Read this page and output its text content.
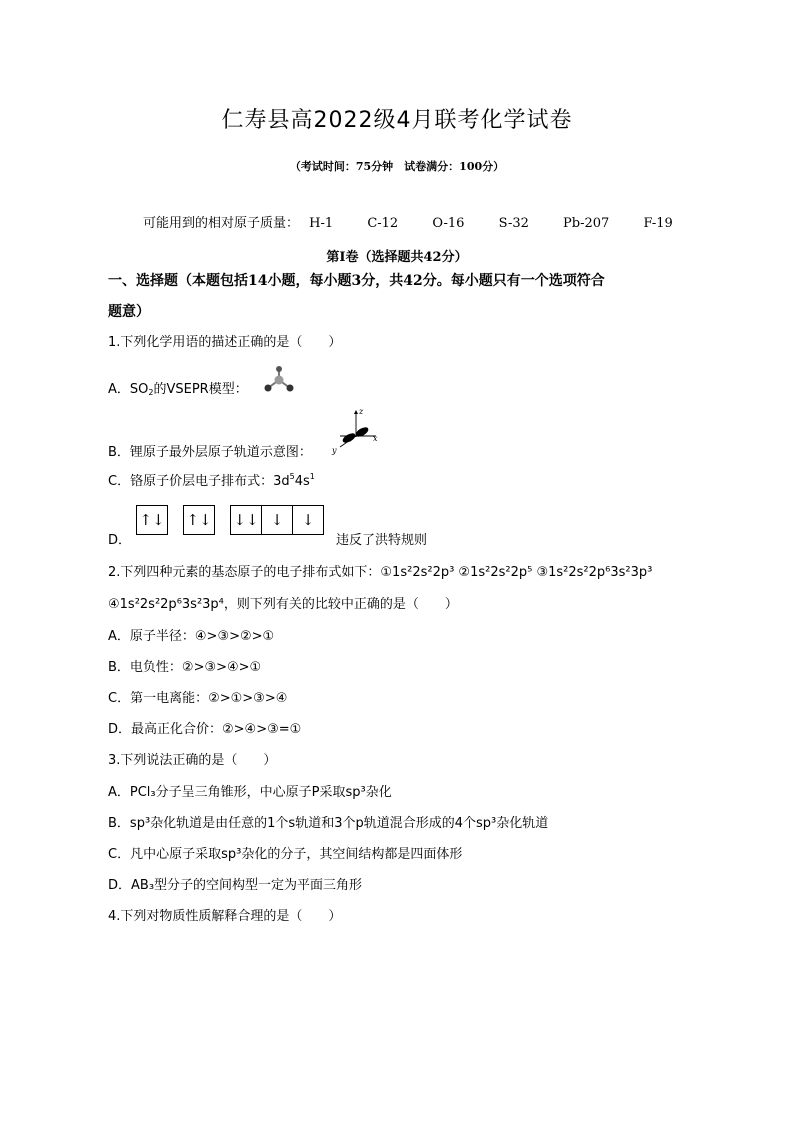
仁寿县高2022级4月联考化学试卷
（考试时间：75分钟　试卷满分：100分）
可能用到的相对原子质量： H-1	C-12	O-16	S-32	Pb-207	F-19
第Ⅰ卷（选择题共42分）
一、选择题（本题包括14小题，每小题3分，共42分。每小题只有一个选项符合
题意）
1.下列化学用语的描述正确的是（　　）
A．$SO_2$的VSEPR模型：
B．锂原子最外层原子轨道示意图：
z
x
y
C．铬原子价层电子排布式：$3d^54s^1$
D．
↑↓ ↑↓ ↓↓ ↓	↓
违反了洪特规则
2.下列四种元素的基态原子的电子排布式如下：①1s²2s²2p³ ②1s²2s²2p⁵ ③1s²2s²2p⁶3s²3p³
④1s²2s²2p⁶3s²3p⁴，则下列有关的比较中正确的是（　　）
A．原子半径：④>③>②>①
B．电负性：②>③>④>①
C．第一电离能：②>①>③>④
D．最高正化合价：②>④>③=①
3.下列说法正确的是（　　）
A．PCl₃分子呈三角锥形，中心原子P采取sp³杂化
B．sp³杂化轨道是由任意的1个s轨道和3个p轨道混合形成的4个sp³杂化轨道
C．凡中心原子采取sp³杂化的分子，其空间结构都是四面体形
D．AB₃型分子的空间构型一定为平面三角形
4.下列对物质性质解释合理的是（　　）
